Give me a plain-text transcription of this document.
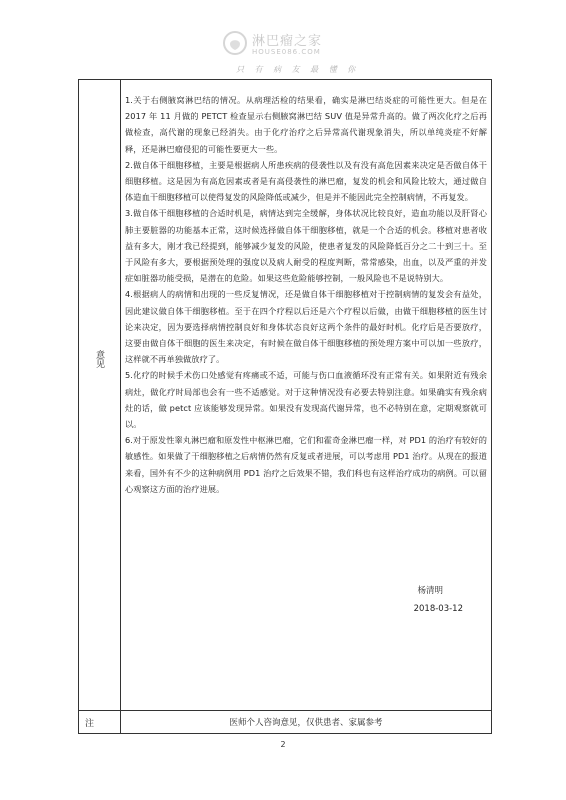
淋巴瘤之家
HOUSE086.COM
只 有 病 友 最 懂 你
意见

1.关于右侧腋窝淋巴结的情况。从病理活检的结果看，确实是淋巴结炎症的可能性更大。但是在 2017 年 11 月做的 PETCT 检查显示右侧腋窝淋巴结 SUV 值是异常升高的。做了两次化疗之后再做检查，高代谢的现象已经消失。由于化疗治疗之后异常高代谢现象消失，所以单纯炎症不好解释，还是淋巴瘤侵犯的可能性要更大一些。

2.做自体干细胞移植，主要是根据病人所患疾病的侵袭性以及有没有高危因素来决定是否做自体干细胞移植。这是因为有高危因素或者是有高侵袭性的淋巴瘤，复发的机会和风险比较大，通过做自体造血干细胞移植可以使得复发的风险降低或减少，但是并不能因此完全控制病情，不再复发。

3.做自体干细胞移植的合适时机是，病情达到完全缓解，身体状况比较良好，造血功能以及肝肾心肺主要脏器的功能基本正常，这时候选择做自体干细胞移植，就是一个合适的机会。移植对患者收益有多大，刚才我已经提到，能够减少复发的风险，使患者复发的风险降低百分之二十到三十。至于风险有多大，要根据预处理的强度以及病人耐受的程度判断，常常感染，出血，以及严重的并发症如脏器功能受损，是潜在的危险。如果这些危险能够控制，一般风险也不是说特别大。

4.根据病人的病情和出现的一些反复情况，还是做自体干细胞移植对于控制病情的复发会有益处，因此建议做自体干细胞移植。至于在四个疗程以后还是六个疗程以后做，由做干细胞移植的医生讨论来决定，因为要选择病情控制良好和身体状态良好这两个条件的最好时机。化疗后是否要放疗，这要由做自体干细胞的医生来决定，有时候在做自体干细胞移植的预处理方案中可以加一些放疗，这样就不再单独做放疗了。

5.化疗的时候手术伤口处感觉有疼痛或不适，可能与伤口血液循环没有正常有关。如果附近有残余病灶，做化疗时局部也会有一些不适感觉。对于这种情况没有必要去特别注意。如果确实有残余病灶的话，做 petct 应该能够发现异常。如果没有发现高代谢异常，也不必特别在意，定期观察就可以。

6.对于原发性睾丸淋巴瘤和原发性中枢淋巴瘤，它们和霍奇金淋巴瘤一样，对 PD1 的治疗有较好的敏感性。如果做了干细胞移植之后病情仍然有反复或者进展，可以考虑用 PD1 治疗。从现在的报道来看，国外有不少的这种病例用 PD1 治疗之后效果不错，我们科也有这样治疗成功的病例。可以留心观察这方面的治疗进展。

杨清明
2018-03-12
注	医师个人咨询意见，仅供患者、家属参考
2
